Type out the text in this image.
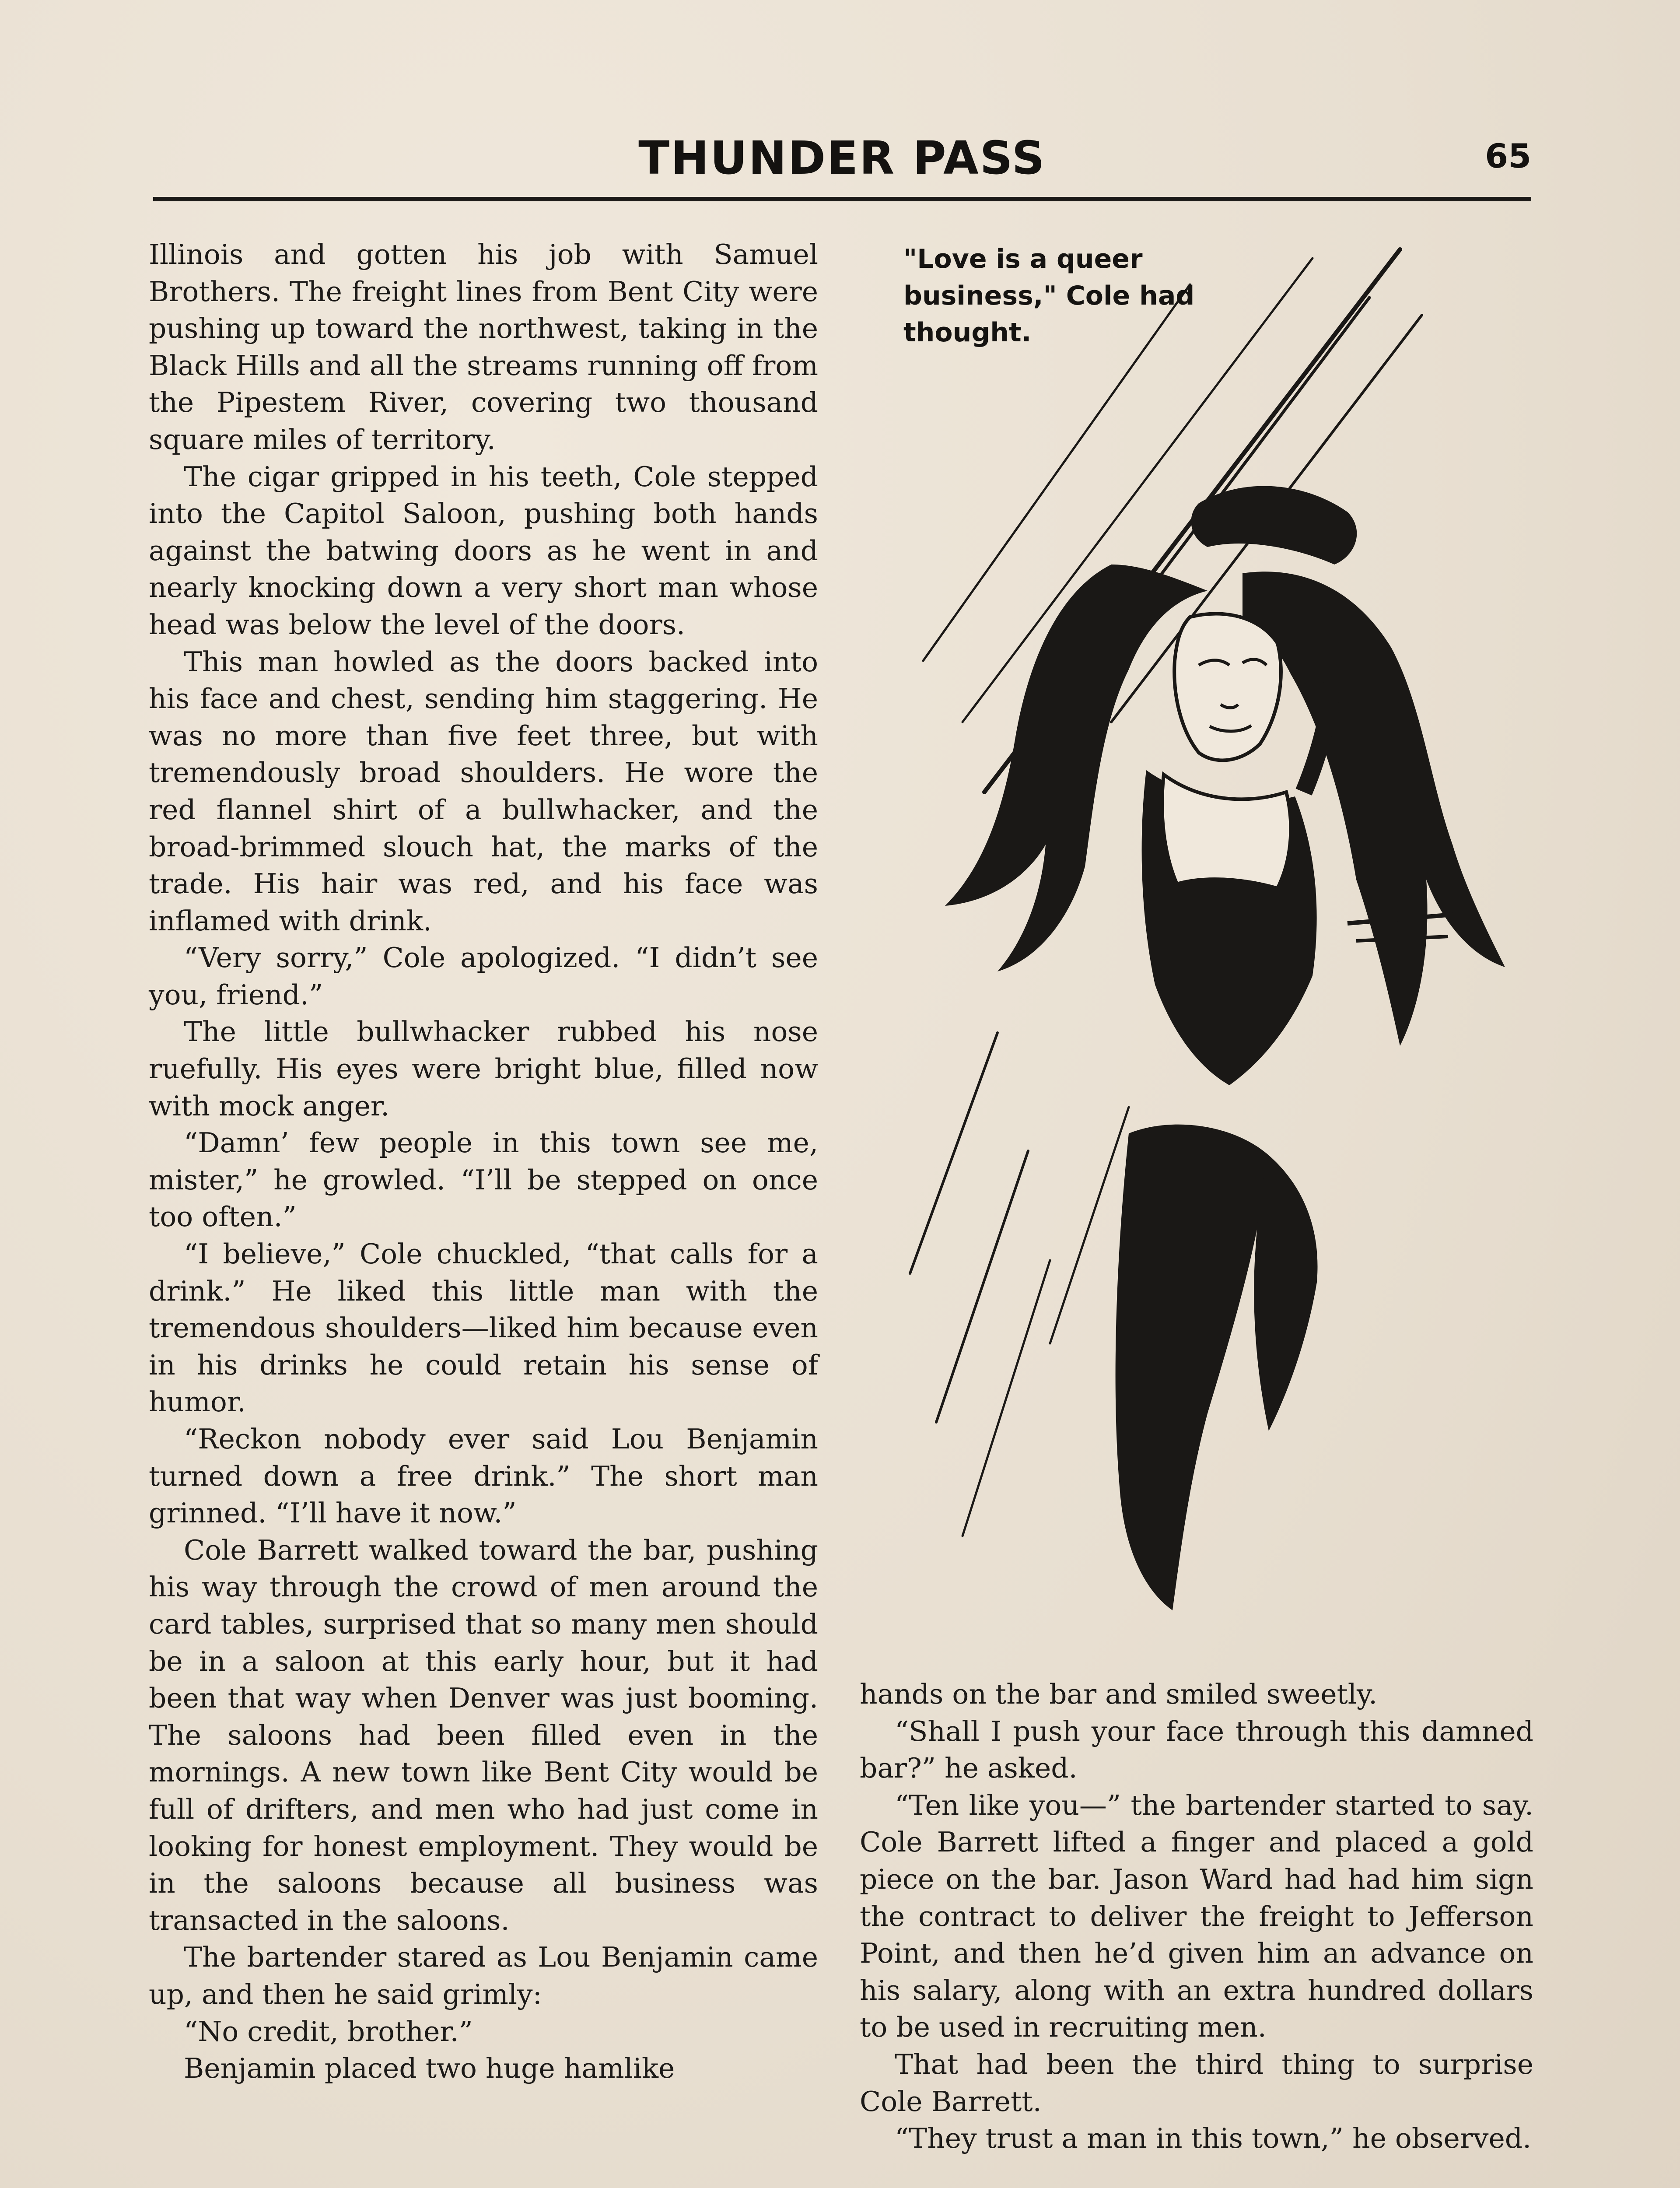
THUNDER PASS	65

Illinois and gotten his job with Samuel Brothers. The freight lines from Bent City were pushing up toward the northwest, taking in the Black Hills and all the streams running off from the Pipestem River, covering two thousand square miles of territory.

The cigar gripped in his teeth, Cole stepped into the Capitol Saloon, pushing both hands against the batwing doors as he went in and nearly knocking down a very short man whose head was below the level of the doors.

This man howled as the doors backed into his face and chest, sending him staggering. He was no more than five feet three, but with tremendously broad shoulders. He wore the red flannel shirt of a bullwhacker, and the broad-brimmed slouch hat, the marks of the trade. His hair was red, and his face was inflamed with drink.

“Very sorry,” Cole apologized. “I didn’t see you, friend.”

The little bullwhacker rubbed his nose ruefully. His eyes were bright blue, filled now with mock anger.

“Damn’ few people in this town see me, mister,” he growled. “I’ll be stepped on once too often.”

“I believe,” Cole chuckled, “that calls for a drink.” He liked this little man with the tremendous shoulders—liked him because even in his drinks he could retain his sense of humor.

“Reckon nobody ever said Lou Benjamin turned down a free drink.” The short man grinned. “I’ll have it now.”

Cole Barrett walked toward the bar, pushing his way through the crowd of men around the card tables, surprised that so many men should be in a saloon at this early hour, but it had been that way when Denver was just booming. The saloons had been filled even in the mornings. A new town like Bent City would be full of drifters, and men who had just come in looking for honest employment. They would be in the saloons because all business was transacted in the saloons.

The bartender stared as Lou Benjamin came up, and then he said grimly:

“No credit, brother.”

Benjamin placed two huge hamlike

"Love is a queer business," Cole had thought.

hands on the bar and smiled sweetly.

“Shall I push your face through this damned bar?” he asked.

“Ten like you—” the bartender started to say. Cole Barrett lifted a finger and placed a gold piece on the bar. Jason Ward had had him sign the contract to deliver the freight to Jefferson Point, and then he’d given him an advance on his salary, along with an extra hundred dollars to be used in recruiting men.

That had been the third thing to surprise Cole Barrett.

“They trust a man in this town,” he observed.
